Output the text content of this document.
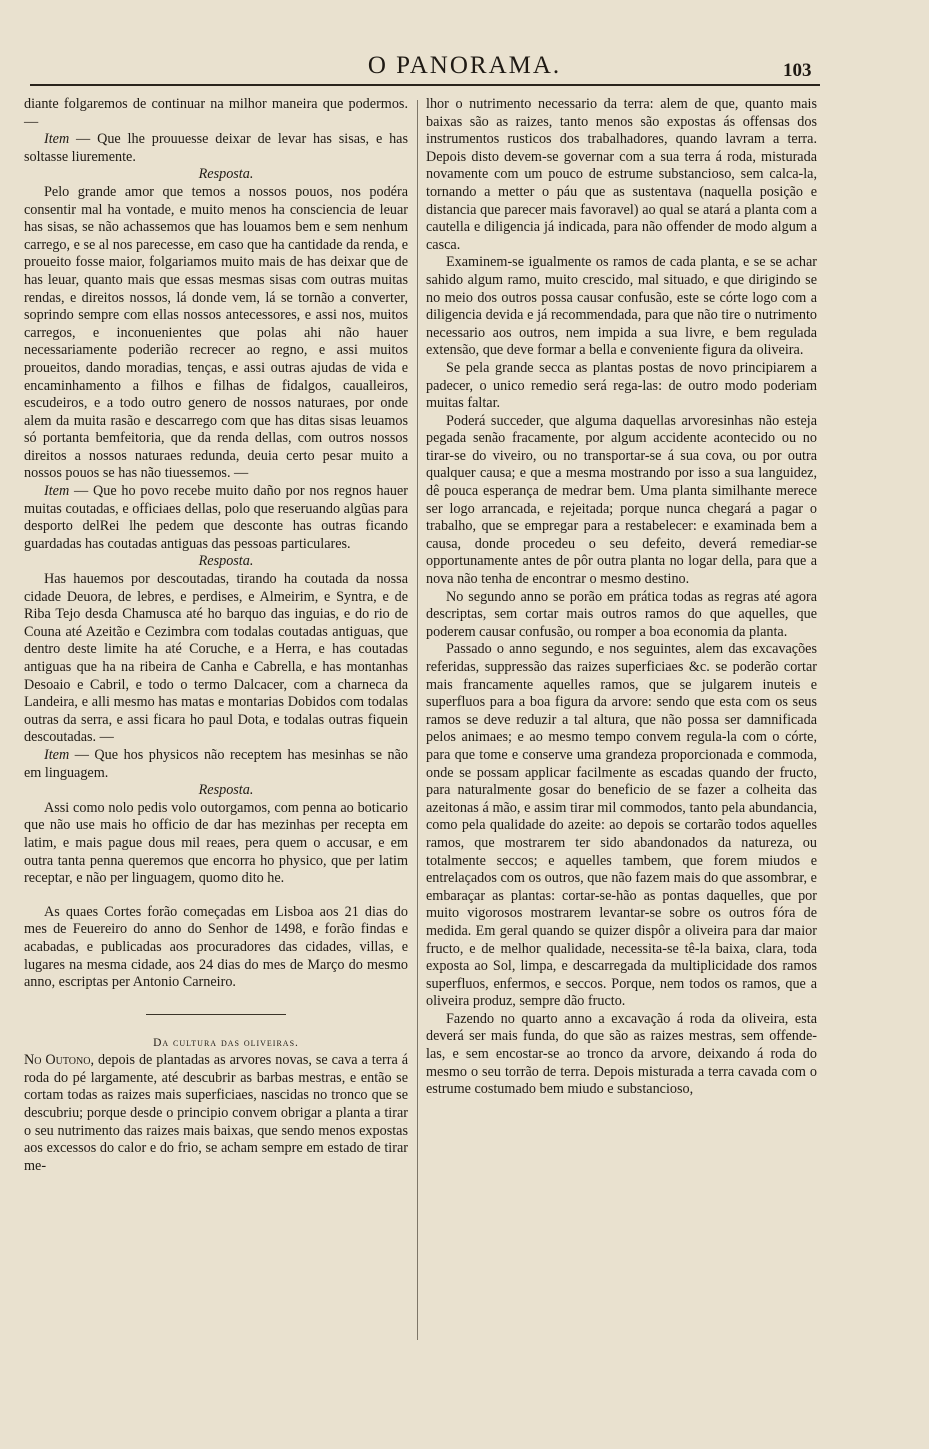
O PANORAMA.	103

diante folgaremos de continuar na milhor maneira que podermos. —

Item — Que lhe prouuesse deixar de levar has sisas, e has soltasse liuremente.

Resposta.

Pelo grande amor que temos a nossos pouos, nos podéra consentir mal ha vontade, e muito menos ha consciencia de leuar has sisas, se não achassemos que has louamos bem e sem nenhum carrego, e se al nos parecesse, em caso que ha cantidade da renda, e proueito fosse maior, folgariamos muito mais de has deixar que de has leuar, quanto mais que essas mesmas sisas com outras muitas rendas, e direitos nossos, lá donde vem, lá se tornão a converter, soprindo sempre com ellas nossos antecessores, e assi nos, muitos carregos, e inconuenientes que polas ahi não hauer necessariamente poderião recrecer ao regno, e assi muitos proueitos, dando moradias, tenças, e assi outras ajudas de vida e encaminhamento a filhos e filhas de fidalgos, caualleiros, escudeiros, e a todo outro genero de nossos naturaes, por onde alem da muita rasão e descarrego com que has ditas sisas leuamos só portanta bemfeitoria, que da renda dellas, com outros nossos direitos a nossos naturaes redunda, deuia certo pesar muito a nossos pouos se has não tiuessemos. —

Item — Que ho povo recebe muito daño por nos regnos hauer muitas coutadas, e officiaes dellas, polo que reseruando algũas para desporto delRei lhe pedem que desconte has outras ficando guardadas has coutadas antiguas das pessoas particulares.

Resposta.

Has hauemos por descoutadas, tirando ha coutada da nossa cidade Deuora, de lebres, e perdises, e Almeirim, e Syntra, e de Riba Tejo desda Chamusca até ho barquo das inguias, e do rio de Couna até Azeitão e Cezimbra com todalas coutadas antiguas, que dentro deste limite ha até Coruche, e a Herra, e has coutadas antiguas que ha na ribeira de Canha e Cabrella, e has montanhas Desoaio e Cabril, e todo o termo Dalcacer, com a charneca da Landeira, e alli mesmo has matas e montarias Dobidos com todalas outras da serra, e assi ficara ho paul Dota, e todalas outras fiquein descoutadas. —

Item — Que hos physicos não receptem has mesinhas se não em linguagem.

Resposta.

Assi como nolo pedis volo outorgamos, com penna ao boticario que não use mais ho officio de dar has mezinhas per recepta em latim, e mais pague dous mil reaes, pera quem o accusar, e em outra tanta penna queremos que encorra ho physico, que per latim receptar, e não per linguagem, quomo dito he.

As quaes Cortes forão começadas em Lisboa aos 21 dias do mes de Feuereiro do anno do Senhor de 1498, e forão findas e acabadas, e publicadas aos procuradores das cidades, villas, e lugares na mesma cidade, aos 24 dias do mes de Março do mesmo anno, escriptas per Antonio Carneiro.

Da cultura das oliveiras.

No Outono, depois de plantadas as arvores novas, se cava a terra á roda do pé largamente, até descubrir as barbas mestras, e então se cortam todas as raizes mais superficiaes, nascidas no tronco que se descubriu; porque desde o principio convem obrigar a planta a tirar o seu nutrimento das raizes mais baixas, que sendo menos expostas aos excessos do calor e do frio, se acham sempre em estado de tirar me-

lhor o nutrimento necessario da terra: alem de que, quanto mais baixas são as raizes, tanto menos são expostas ás offensas dos instrumentos rusticos dos trabalhadores, quando lavram a terra. Depois disto devem-se governar com a sua terra á roda, misturada novamente com um pouco de estrume substancioso, sem calca-la, tornando a metter o páu que as sustentava (naquella posição e distancia que parecer mais favoravel) ao qual se atará a planta com a cautella e diligencia já indicada, para não offender de modo algum a casca.

Examinem-se igualmente os ramos de cada planta, e se se achar sahido algum ramo, muito crescido, mal situado, e que dirigindo se no meio dos outros possa causar confusão, este se córte logo com a diligencia devida e já recommendada, para que não tire o nutrimento necessario aos outros, nem impida a sua livre, e bem regulada extensão, que deve formar a bella e conveniente figura da oliveira.

Se pela grande secca as plantas postas de novo principiarem a padecer, o unico remedio será rega-las: de outro modo poderiam muitas faltar.

Poderá succeder, que alguma daquellas arvoresinhas não esteja pegada senão fracamente, por algum accidente acontecido ou no tirar-se do viveiro, ou no transportar-se á sua cova, ou por outra qualquer causa; e que a mesma mostrando por isso a sua languidez, dê pouca esperança de medrar bem. Uma planta similhante merece ser logo arrancada, e rejeitada; porque nunca chegará a pagar o trabalho, que se empregar para a restabelecer: e examinada bem a causa, donde procedeu o seu defeito, deverá remediar-se opportunamente antes de pôr outra planta no logar della, para que a nova não tenha de encontrar o mesmo destino.

No segundo anno se porão em prática todas as regras até agora descriptas, sem cortar mais outros ramos do que aquelles, que poderem causar confusão, ou romper a boa economia da planta.

Passado o anno segundo, e nos seguintes, alem das excavações referidas, suppressão das raizes superficiaes &c. se poderão cortar mais francamente aquelles ramos, que se julgarem inuteis e superfluos para a boa figura da arvore: sendo que esta com os seus ramos se deve reduzir a tal altura, que não possa ser damnificada pelos animaes; e ao mesmo tempo convem regula-la com o córte, para que tome e conserve uma grandeza proporcionada e commoda, onde se possam applicar facilmente as escadas quando der fructo, para naturalmente gosar do beneficio de se fazer a colheita das azeitonas á mão, e assim tirar mil commodos, tanto pela abundancia, como pela qualidade do azeite: ao depois se cortarão todos aquelles ramos, que mostrarem ter sido abandonados da natureza, ou totalmente seccos; e aquelles tambem, que forem miudos e entrelaçados com os outros, que não fazem mais do que assombrar, e embaraçar as plantas: cortar-se-hão as pontas daquelles, que por muito vigorosos mostrarem levantar-se sobre os outros fóra de medida. Em geral quando se quizer dispôr a oliveira para dar maior fructo, e de melhor qualidade, necessita-se tê-la baixa, clara, toda exposta ao Sol, limpa, e descarregada da multiplicidade dos ramos superfluos, enfermos, e seccos. Porque, nem todos os ramos, que a oliveira produz, sempre dão fructo.

Fazendo no quarto anno a excavação á roda da oliveira, esta deverá ser mais funda, do que são as raizes mestras, sem offende-las, e sem encostar-se ao tronco da arvore, deixando á roda do mesmo o seu torrão de terra. Depois misturada a terra cavada com o estrume costumado bem miudo e substancioso,
